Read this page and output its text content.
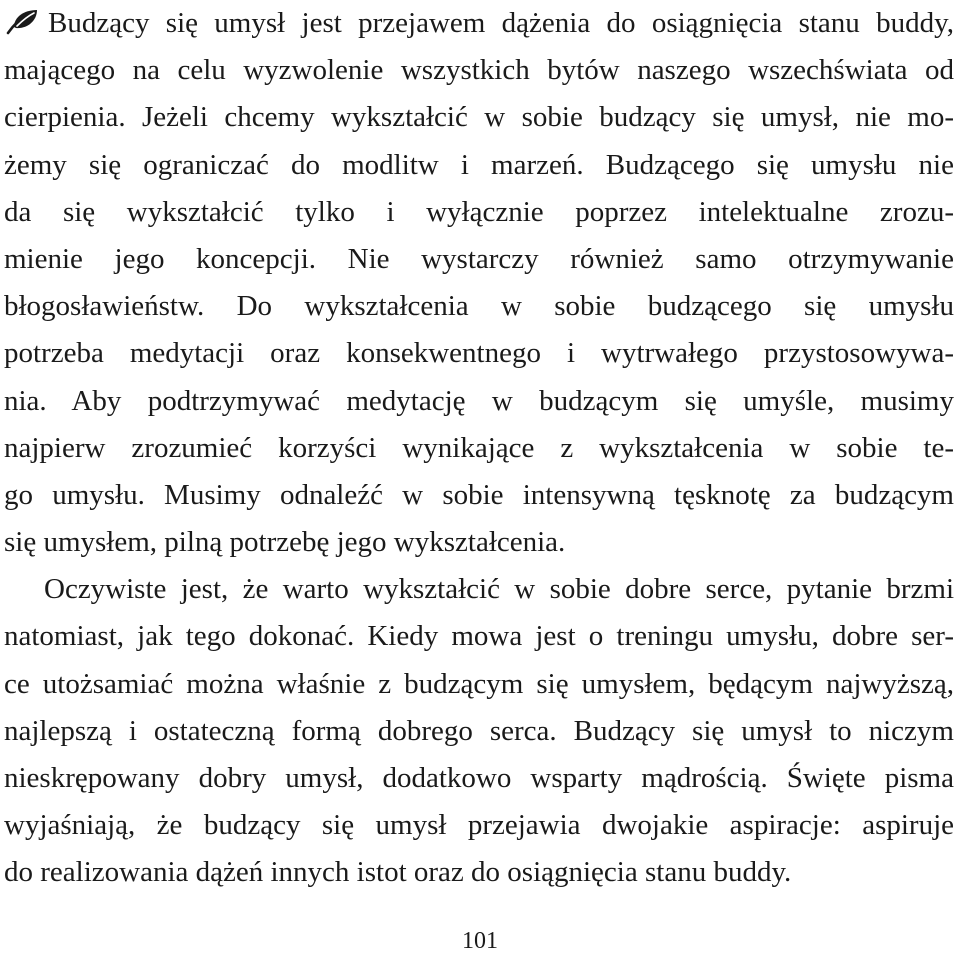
Budzący się umysł jest przejawem dążenia do osiągnięcia stanu buddy,
mającego na celu wyzwolenie wszystkich bytów naszego wszechświata od
cierpienia. Jeżeli chcemy wykształcić w sobie budzący się umysł, nie mo-
żemy się ograniczać do modlitw i marzeń. Budzącego się umysłu nie
da się wykształcić tylko i wyłącznie poprzez intelektualne zrozu-
mienie jego koncepcji. Nie wystarczy również samo otrzymywanie
błogosławieństw. Do wykształcenia w sobie budzącego się umysłu
potrzeba medytacji oraz konsekwentnego i wytrwałego przystosowywa-
nia. Aby podtrzymywać medytację w budzącym się umyśle, musimy
najpierw zrozumieć korzyści wynikające z wykształcenia w sobie te-
go umysłu. Musimy odnaleźć w sobie intensywną tęsknotę za budzącym
się umysłem, pilną potrzebę jego wykształcenia.
Oczywiste jest, że warto wykształcić w sobie dobre serce, pytanie brzmi
natomiast, jak tego dokonać. Kiedy mowa jest o treningu umysłu, dobre ser-
ce utożsamiać można właśnie z budzącym się umysłem, będącym najwyższą,
najlepszą i ostateczną formą dobrego serca. Budzący się umysł to niczym
nieskrępowany dobry umysł, dodatkowo wsparty mądrością. Święte pisma
wyjaśniają, że budzący się umysł przejawia dwojakie aspiracje: aspiruje
do realizowania dążeń innych istot oraz do osiągnięcia stanu buddy.
101
